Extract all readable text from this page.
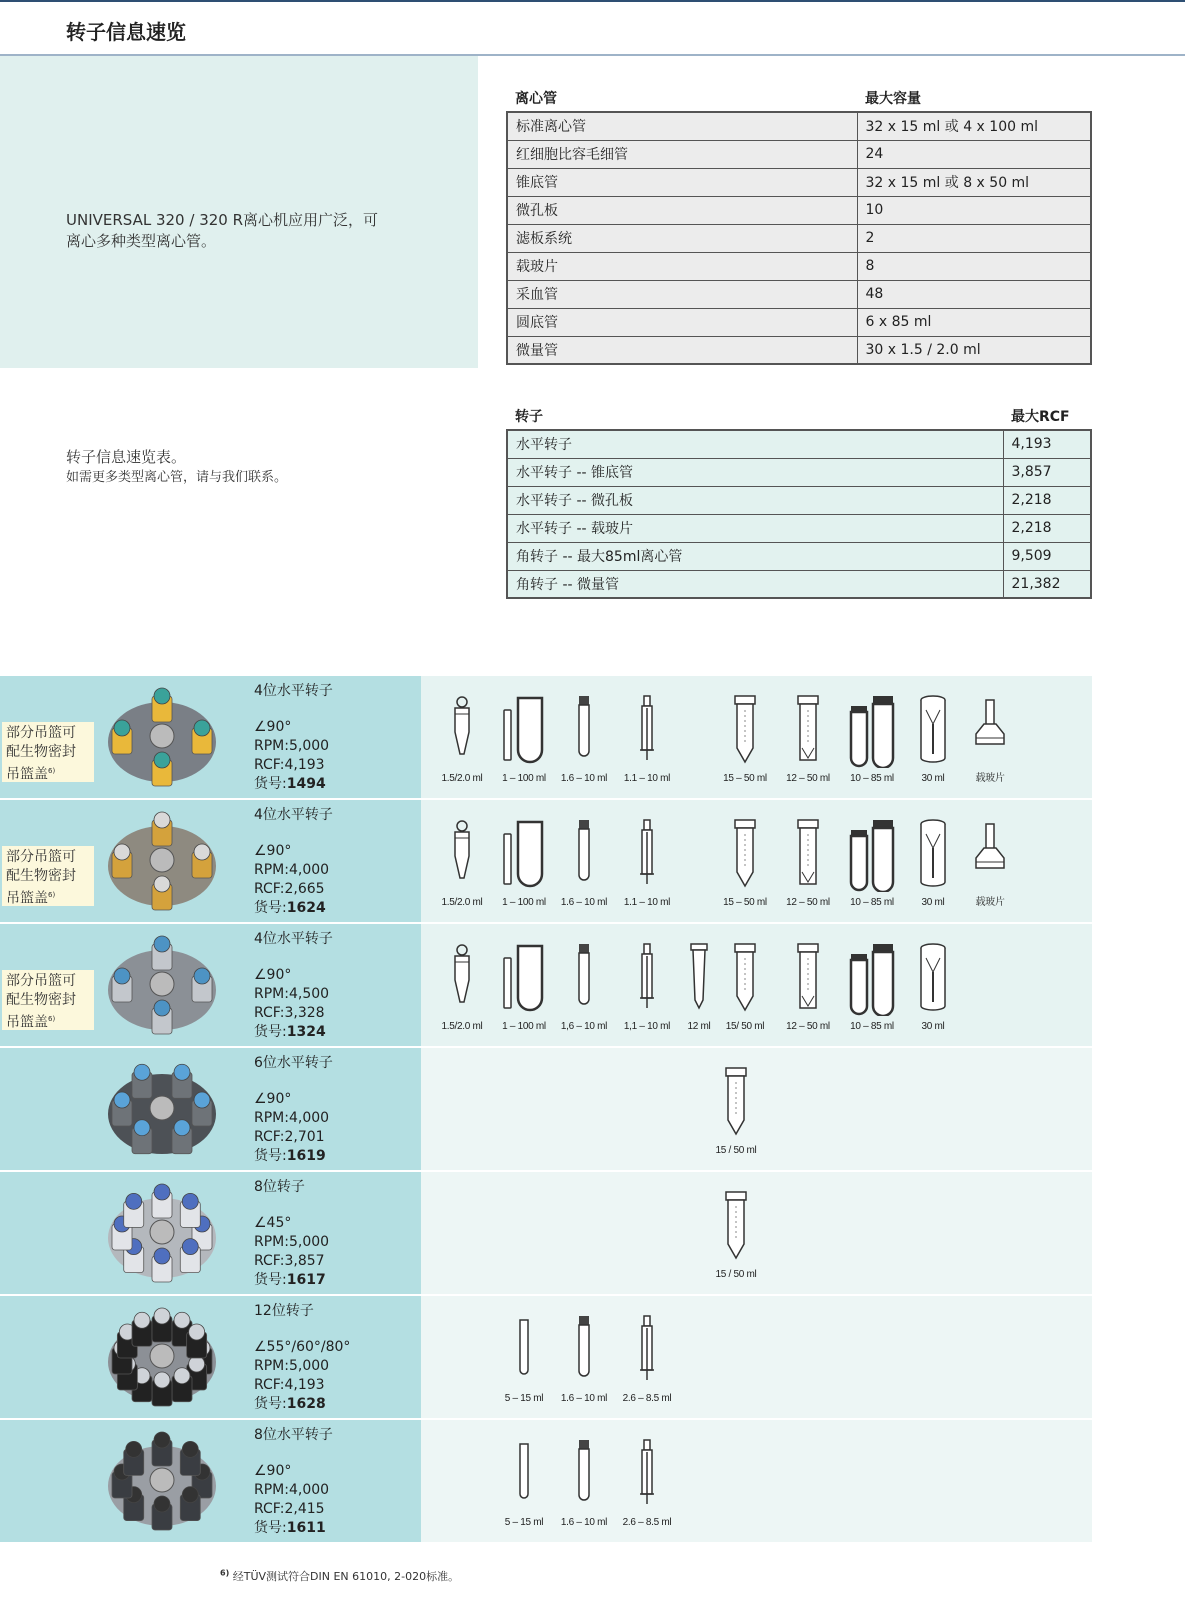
转子信息速览

UNIVERSAL 320 / 320 R离心机应用广泛，可离心多种类型离心管。

转子信息速览表。
如需更多类型离心管，请与我们联系。
离心管	最大容量
标准离心管	32 x 15 ml 或 4 x 100 ml
红细胞比容毛细管	24
锥底管	32 x 15 ml 或 8 x 50 ml
微孔板	10
滤板系统	2
载玻片	8
采血管	48
圆底管	6 x 85 ml
微量管	30 x 1.5 / 2.0 ml
转子	最大RCF
水平转子	4,193
水平转子 -- 锥底管	3,857
水平转子 -- 微孔板	2,218
水平转子 -- 载玻片	2,218
角转子 -- 最大85ml离心管	9,509
角转子 -- 微量管	21,382
部分吊篮可
配生物密封
吊篮盖$^{6)}$
4位水平转子
∠90°
RPM:5,000
RCF:4,193
货号:1494	1.5/2.0 ml	1 – 100 ml	1.6 – 10 ml	1.1 – 10 ml	15 – 50 ml	12 – 50 ml	10 – 85 ml	30 ml	载玻片
部分吊篮可
配生物密封
吊篮盖$^{6)}$
4位水平转子
∠90°
RPM:4,000
RCF:2,665
货号:1624	1.5/2.0 ml	1 – 100 ml	1.6 – 10 ml	1.1 – 10 ml	15 – 50 ml	12 – 50 ml	10 – 85 ml	30 ml	载玻片
部分吊篮可
配生物密封
吊篮盖$^{6)}$
4位水平转子
∠90°
RPM:4,500
RCF:3,328
货号:1324	1.5/2.0 ml	1 – 100 ml	1,6 – 10 ml	1,1 – 10 ml	12 ml	15/ 50 ml	12 – 50 ml	10 – 85 ml	30 ml
6位水平转子
∠90°
RPM:4,000
RCF:2,701
货号:1619	15 / 50 ml
8位转子
∠45°
RPM:5,000
RCF:3,857
货号:1617	15 / 50 ml
12位转子
∠55°/60°/80°
RPM:5,000
RCF:4,193
货号:1628	5 – 15 ml	1.6 – 10 ml	2.6 – 8.5 ml
8位水平转子
∠90°
RPM:4,000
RCF:2,415
货号:1611	5 – 15 ml	1.6 – 10 ml	2.6 – 8.5 ml
$^{6)}$ 经TÜV测试符合DIN EN 61010, 2-020标准。
